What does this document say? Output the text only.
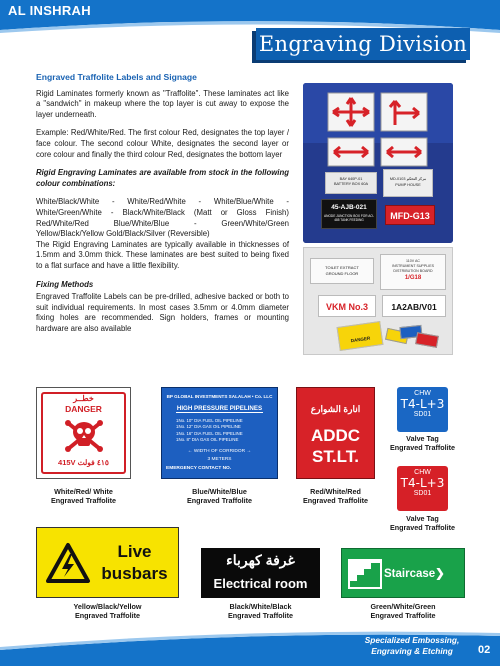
AL INSHRAH
Engraving Division
Engraved Traffolite Labels and Signage

Rigid Laminates formerly known as "Traffolite". These laminates act like a "sandwich" in makeup where the top layer is cut away to expose the layer underneath.

Example: Red/White/Red. The first colour Red, designates the top layer / face colour. The second colour White, designates the second layer or core colour and finally the third colour Red, designates the bottom layer

Rigid Engraving Laminates are available from stock in the following colour combinations:

White/Black/White - White/Red/White - White/Blue/White - White/Green/White - Black/White/Black (Matt or Gloss Finish) Red/White/Red Blue/White/Blue - Green/White/Green Yellow/Black/Yellow Gold/Black/Silver (Reversible)

The Rigid Engraving Laminates are typically available in thicknesses of 1.5mm and 3.0mm thick. These laminates are best suited to being fixed to a flat surface and have a little flexibility.

Fixing Methods

Engraved Traffolite Labels can be pre-drilled, adhesive backed or both to suit individual requirements. In most cases 3.5mm or 4.0mm diameter fixing holes are recommended. Sign holders, frames or mounting hardware are also available

BAY 640P-01
BATTERY BOX 60A
MD-0103 مركز التحكم
PUMP HOUSE
45-AJB-021
ANODE JUNCTION BOX FOR AO-485 TANK FEEDING	MFD-G13
TOILET EXTRACT
GROUND FLOOR
110V AC
INSTRUMENT SUPPLIES
DISTRIBUTION BOARD
1/G18
VKM No.3	1A2AB/V01
DANGER
خطــر
DANGER
415V ٤١٥ فولت
White/Red/ White
Engraved Traffolite
BP GLOBAL INVESTMENTS SALALAH • Co. LLC
HIGH PRESSURE PIPELINES
1No. 10" DIA FUEL OIL PIPELINE
1No. 12" DIA GAS OIL PIPELINE
1No. 16" DIA FUEL OIL PIPELINE
1No. 8" DIA GAS OIL PIPELINE
← WIDTH OF CORRIDOR →
3 METERS
EMERGENCY CONTACT NO.
Blue/White/Blue
Engraved Traffolite
انارة الشوارع
ADDC
ST.LT.
Red/White/Red
Engraved Traffolite
CHW
T4-L+3
SD01
Valve Tag
Engraved Traffolite
CHW
T4-L+3
SD01
Valve Tag
Engraved Traffolite
Live
busbars
Yellow/Black/Yellow
Engraved Traffolite
غرفة كهرباء
Electrical room
Black/White/Black
Engraved Traffolite
Staircase❯
Green/White/Green
Engraved Traffolite
Specialized Embossing,
Engraving & Etching	02
